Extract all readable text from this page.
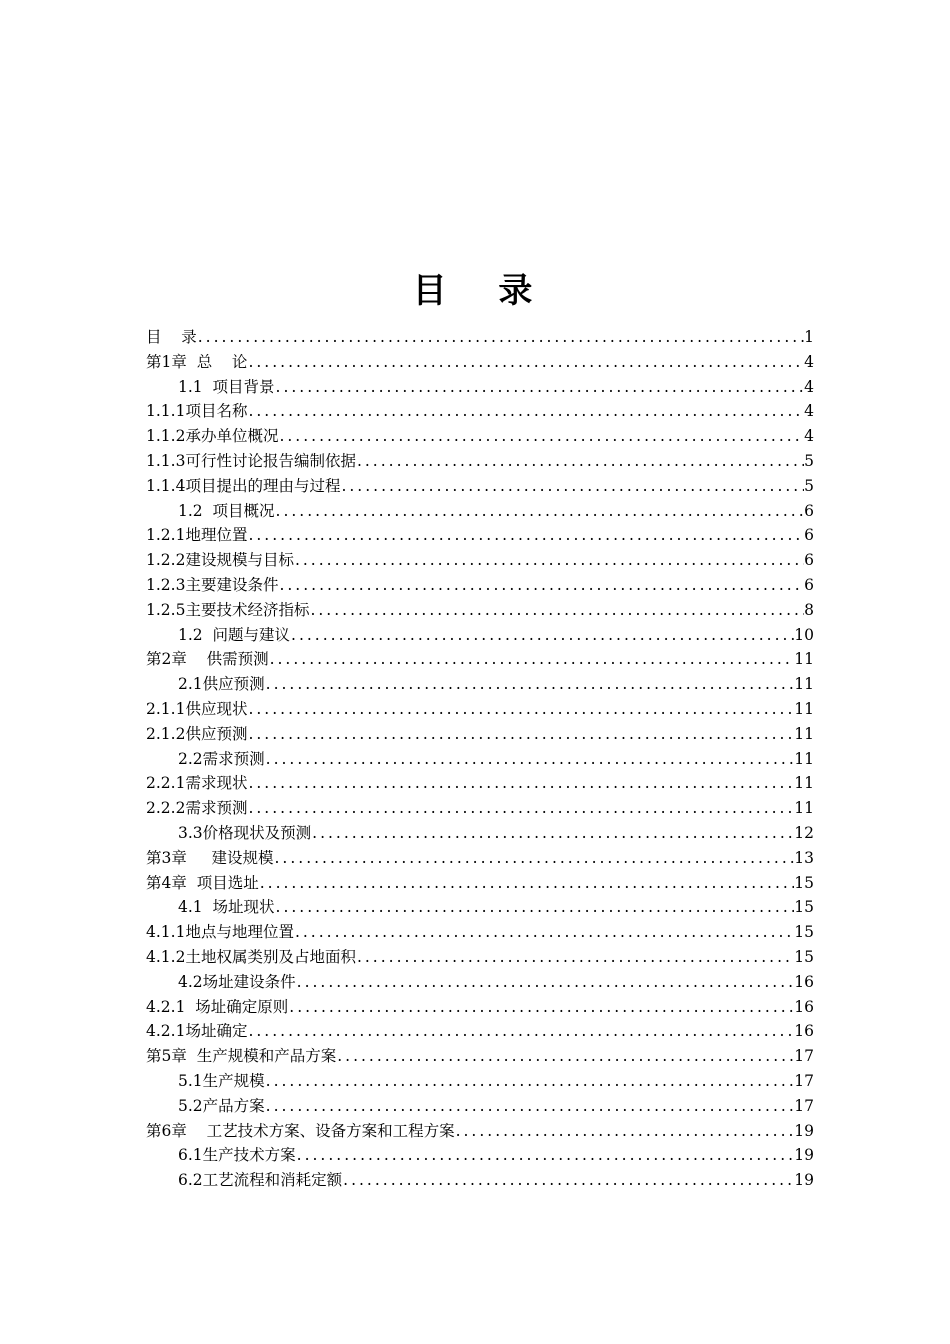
目 录
目    录 .....	1
第1章  总    论 .....	4
1.1  项目背景 .....	4
1.1.1项目名称 .....	4
1.1.2承办单位概况 .....	4
1.1.3可行性讨论报告编制依据 .....	5
1.1.4项目提出的理由与过程 .....	5
1.2  项目概况 .....	6
1.2.1地理位置 .....	6
1.2.2建设规模与目标 .....	6
1.2.3主要建设条件 .....	6
1.2.5主要技术经济指标 .....	8
1.2  问题与建议 .....	10
第2章    供需预测 .....	11
2.1供应预测 .....	11
2.1.1供应现状 .....	11
2.1.2供应预测 .....	11
2.2需求预测 .....	11
2.2.1需求现状 .....	11
2.2.2需求预测 .....	11
3.3价格现状及预测 .....	12
第3章     建设规模 .....	13
第4章  项目选址 .....	15
4.1  场址现状 .....	15
4.1.1地点与地理位置 .....	15
4.1.2土地权属类别及占地面积 .....	15
4.2场址建设条件 .....	16
4.2.1  场址确定原则 .....	16
4.2.1场址确定 .....	16
第5章  生产规模和产品方案 .....	17
5.1生产规模 .....	17
5.2产品方案 .....	17
第6章    工艺技术方案、设备方案和工程方案 .....	19
6.1生产技术方案 .....	19
6.2工艺流程和消耗定额 .....	19
